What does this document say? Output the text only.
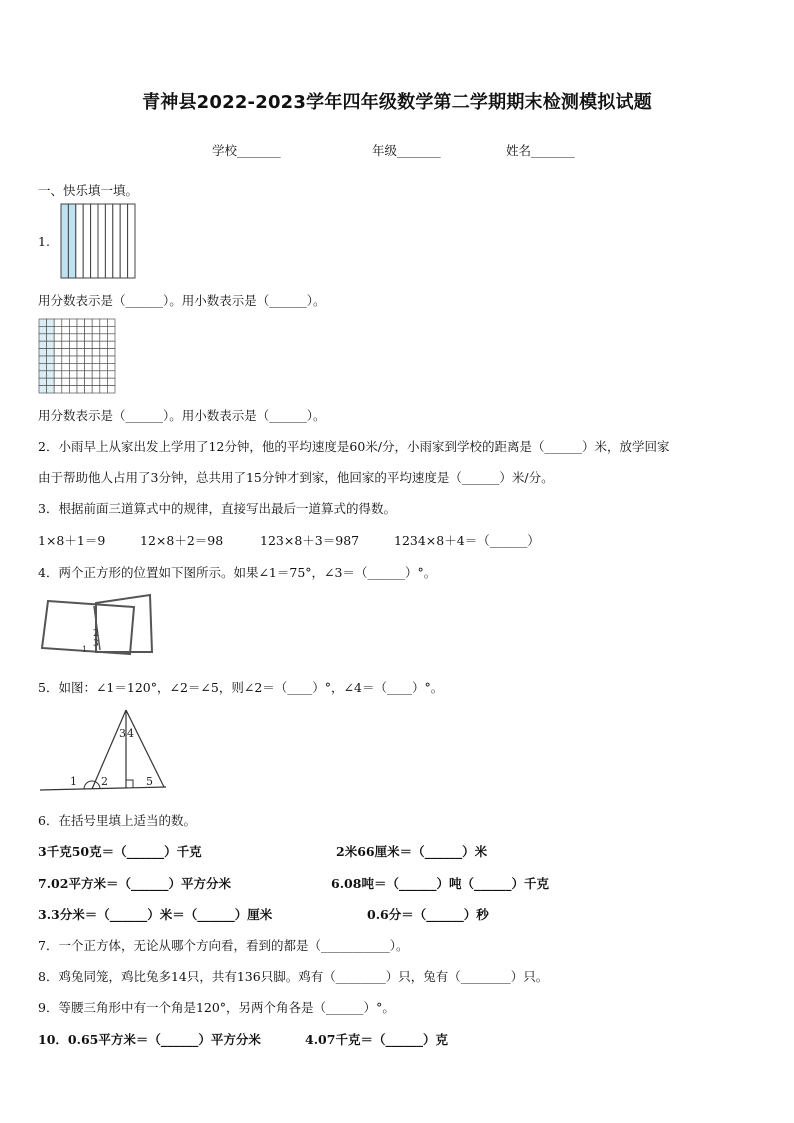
青神县2022-2023学年四年级数学第二学期期末检测模拟试题
学校_______	年级_______	姓名_______
一、快乐填一填。
1.
用分数表示是（______）。用小数表示是（______）。
用分数表示是（______）。用小数表示是（______）。
2．小雨早上从家出发上学用了12分钟，他的平均速度是60米/分，小雨家到学校的距离是（______）米，放学回家
由于帮助他人占用了3分钟，总共用了15分钟才到家，他回家的平均速度是（______）米/分。
3．根据前面三道算式中的规律，直接写出最后一道算式的得数。
1×8＋1＝9	12×8＋2＝98	123×8＋3＝987	1234×8＋4＝（______）
4．两个正方形的位置如下图所示。如果∠1＝75°，∠3＝（______）°。
2
3
1
5．如图：∠1＝120°，∠2＝∠5，则∠2＝（____）°，∠4＝（____）°。
3 4
1 2	5
6．在括号里填上适当的数。
3千克50克＝（______）千克	2米66厘米＝（______）米
7.02平方米＝（______）平方分米	6.08吨＝（______）吨（______）千克
3.3分米＝（______）米＝（______）厘米	0.6分＝（______）秒
7．一个正方体，无论从哪个方向看，看到的都是（___________）。
8．鸡兔同笼，鸡比兔多14只，共有136只脚。鸡有（________）只，兔有（________）只。
9．等腰三角形中有一个角是120°，另两个角各是（______）°。
10．0.65平方米＝（______）平方分米	4.07千克＝（______）克
